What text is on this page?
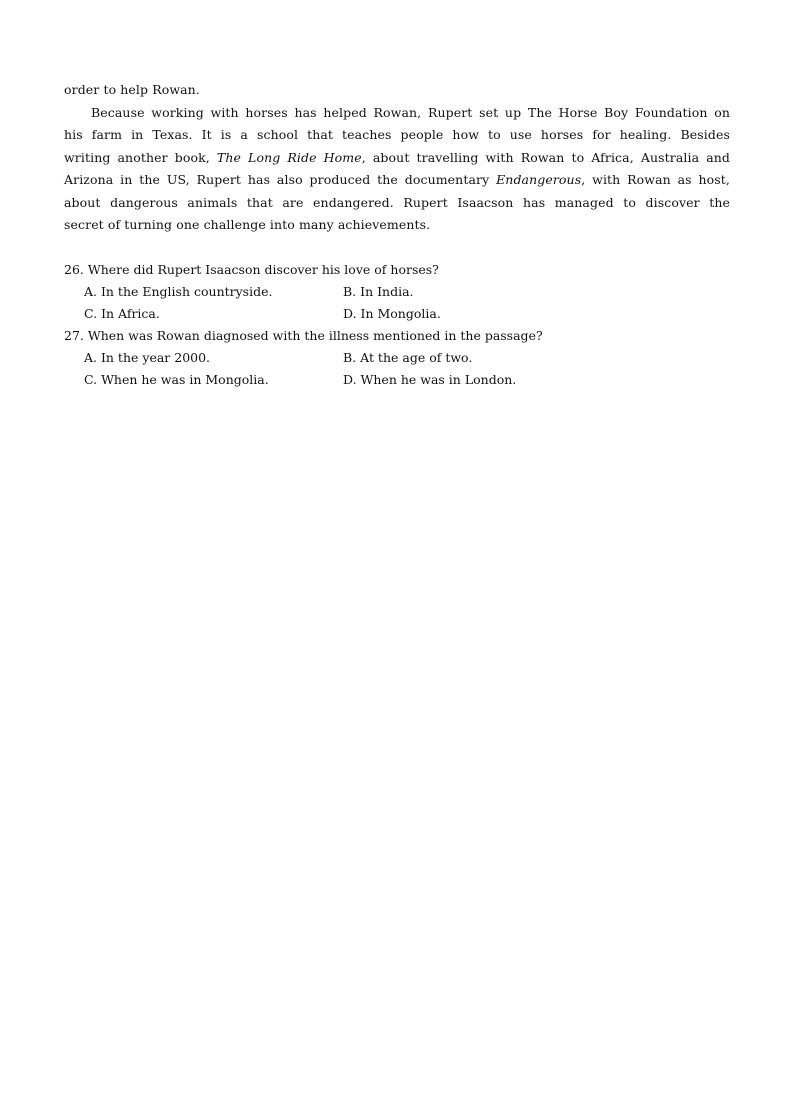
order to help Rowan.
Because working with horses has helped Rowan, Rupert set up The Horse Boy Foundation on
his farm in Texas. It is a school that teaches people how to use horses for healing. Besides
writing another book, The Long Ride Home, about travelling with Rowan to Africa, Australia and
Arizona in the US, Rupert has also produced the documentary Endangerous, with Rowan as host,
about dangerous animals that are endangered. Rupert Isaacson has managed to discover the
secret of turning one challenge into many achievements.
26. Where did Rupert Isaacson discover his love of horses?
A. In the English countryside.	B. In India.
C. In Africa.	D. In Mongolia.
27. When was Rowan diagnosed with the illness mentioned in the passage?
A. In the year 2000.	B. At the age of two.
C. When he was in Mongolia.	D. When he was in London.
